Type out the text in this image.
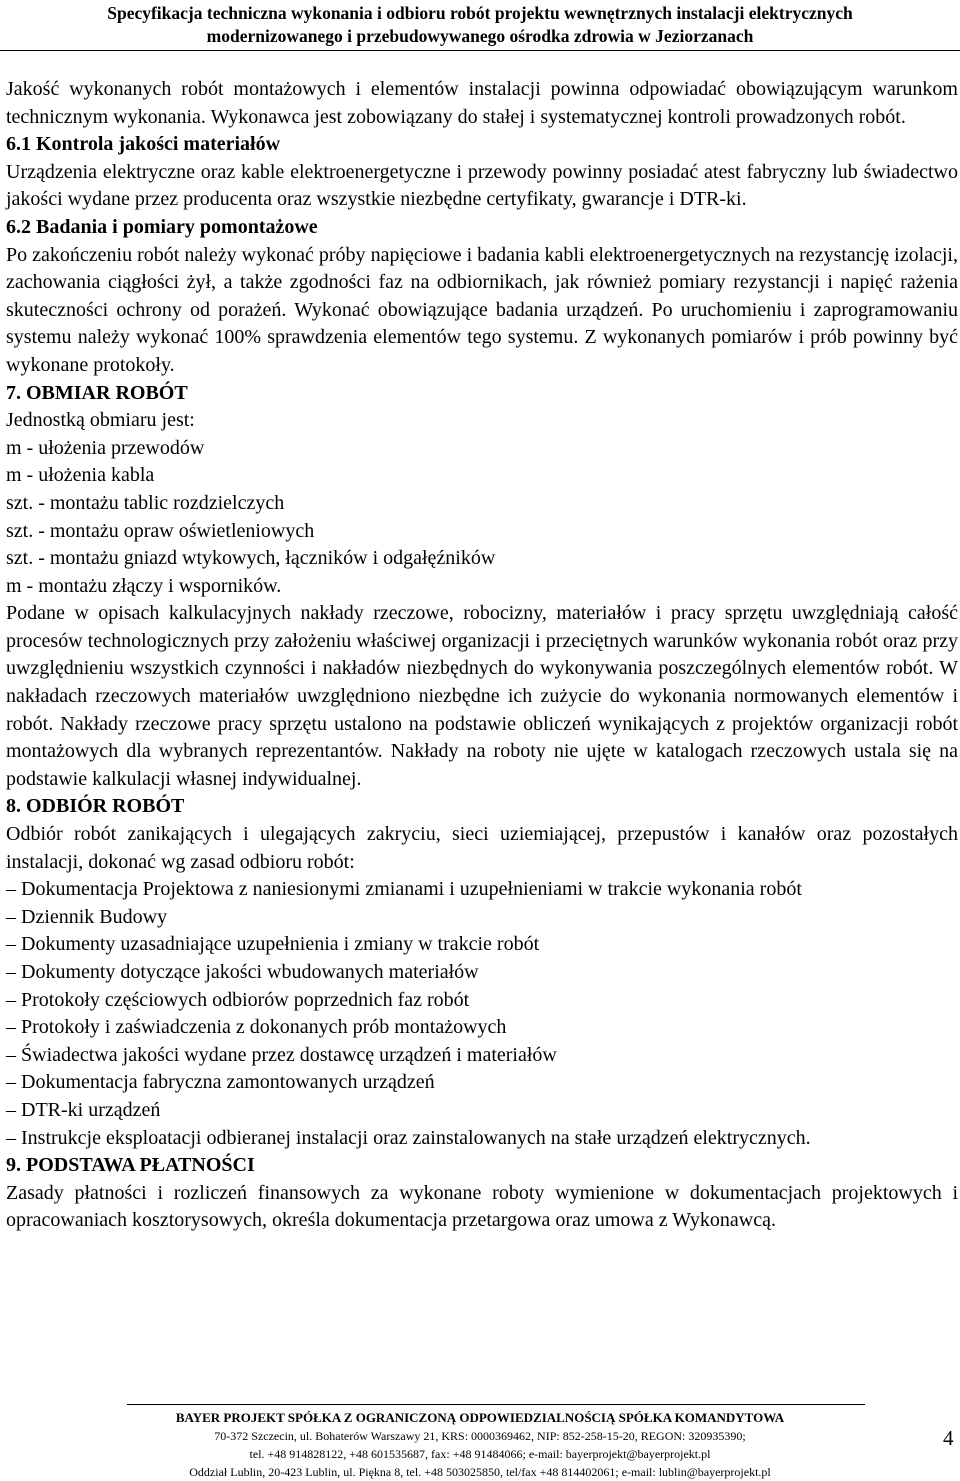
Specyfikacja techniczna wykonania i odbioru robót projektu wewnętrznych instalacji elektrycznych
modernizowanego i przebudowywanego ośrodka zdrowia w Jeziorzanach

Jakość wykonanych robót montażowych i elementów instalacji powinna odpowiadać obowiązującym warunkom technicznym wykonania. Wykonawca jest zobowiązany do stałej i systematycznej kontroli prowadzonych robót.

6.1 Kontrola jakości materiałów

Urządzenia elektryczne oraz kable elektroenergetyczne i przewody powinny posiadać atest fabryczny lub świadectwo jakości wydane przez producenta oraz wszystkie niezbędne certyfikaty, gwarancje i DTR-ki.

6.2 Badania i pomiary pomontażowe

Po zakończeniu robót należy wykonać próby napięciowe i badania kabli elektroenergetycznych na rezystancję izolacji, zachowania ciągłości żył, a także zgodności faz na odbiornikach, jak również pomiary rezystancji i napięć rażenia skuteczności ochrony od porażeń. Wykonać obowiązujące badania urządzeń. Po uruchomieniu i zaprogramowaniu systemu należy wykonać 100% sprawdzenia elementów tego systemu. Z wykonanych pomiarów i prób powinny być wykonane protokoły.

7. OBMIAR ROBÓT

Jednostką obmiaru jest:

m - ułożenia przewodów

m - ułożenia kabla

szt. - montażu tablic rozdzielczych

szt. - montażu opraw oświetleniowych

szt. - montażu gniazd wtykowych, łączników i odgałęźników

m - montażu złączy i wsporników.

Podane w opisach kalkulacyjnych nakłady rzeczowe, robocizny, materiałów i pracy sprzętu uwzględniają całość procesów technologicznych przy założeniu właściwej organizacji i przeciętnych warunków wykonania robót oraz przy uwzględnieniu wszystkich czynności i nakładów niezbędnych do wykonywania poszczególnych elementów robót. W nakładach rzeczowych materiałów uwzględniono niezbędne ich zużycie do wykonania normowanych elementów i robót. Nakłady rzeczowe pracy sprzętu ustalono na podstawie obliczeń wynikających z projektów organizacji robót montażowych dla wybranych reprezentantów. Nakłady na roboty nie ujęte w katalogach rzeczowych ustala się na podstawie kalkulacji własnej indywidualnej.

8. ODBIÓR ROBÓT

Odbiór robót zanikających i ulegających zakryciu, sieci uziemiającej, przepustów i kanałów oraz pozostałych instalacji, dokonać wg zasad odbioru robót:

– Dokumentacja Projektowa z naniesionymi zmianami i uzupełnieniami w trakcie wykonania robót

– Dziennik Budowy

– Dokumenty uzasadniające uzupełnienia i zmiany w trakcie robót

– Dokumenty dotyczące jakości wbudowanych materiałów

– Protokoły częściowych odbiorów poprzednich faz robót

– Protokoły i zaświadczenia z dokonanych prób montażowych

– Świadectwa jakości wydane przez dostawcę urządzeń i materiałów

– Dokumentacja fabryczna zamontowanych urządzeń

– DTR-ki urządzeń

– Instrukcje eksploatacji odbieranej instalacji oraz zainstalowanych na stałe urządzeń elektrycznych.

9. PODSTAWA PŁATNOŚCI

Zasady płatności i rozliczeń finansowych za wykonane roboty wymienione w dokumentacjach projektowych i opracowaniach kosztorysowych, określa dokumentacja przetargowa oraz umowa z Wykonawcą.

BAYER PROJEKT SPÓŁKA Z OGRANICZONĄ ODPOWIEDZIALNOŚCIĄ SPÓŁKA KOMANDYTOWA
70-372 Szczecin, ul. Bohaterów Warszawy 21, KRS: 0000369462, NIP: 852-258-15-20, REGON: 320935390;
tel. +48 914828122, +48 601535687, fax: +48 91484066; e-mail: bayerprojekt@bayerprojekt.pl
Oddział Lublin, 20-423 Lublin, ul. Piękna 8, tel. +48 503025850, tel/fax +48 814402061; e-mail: lublin@bayerprojekt.pl
4
